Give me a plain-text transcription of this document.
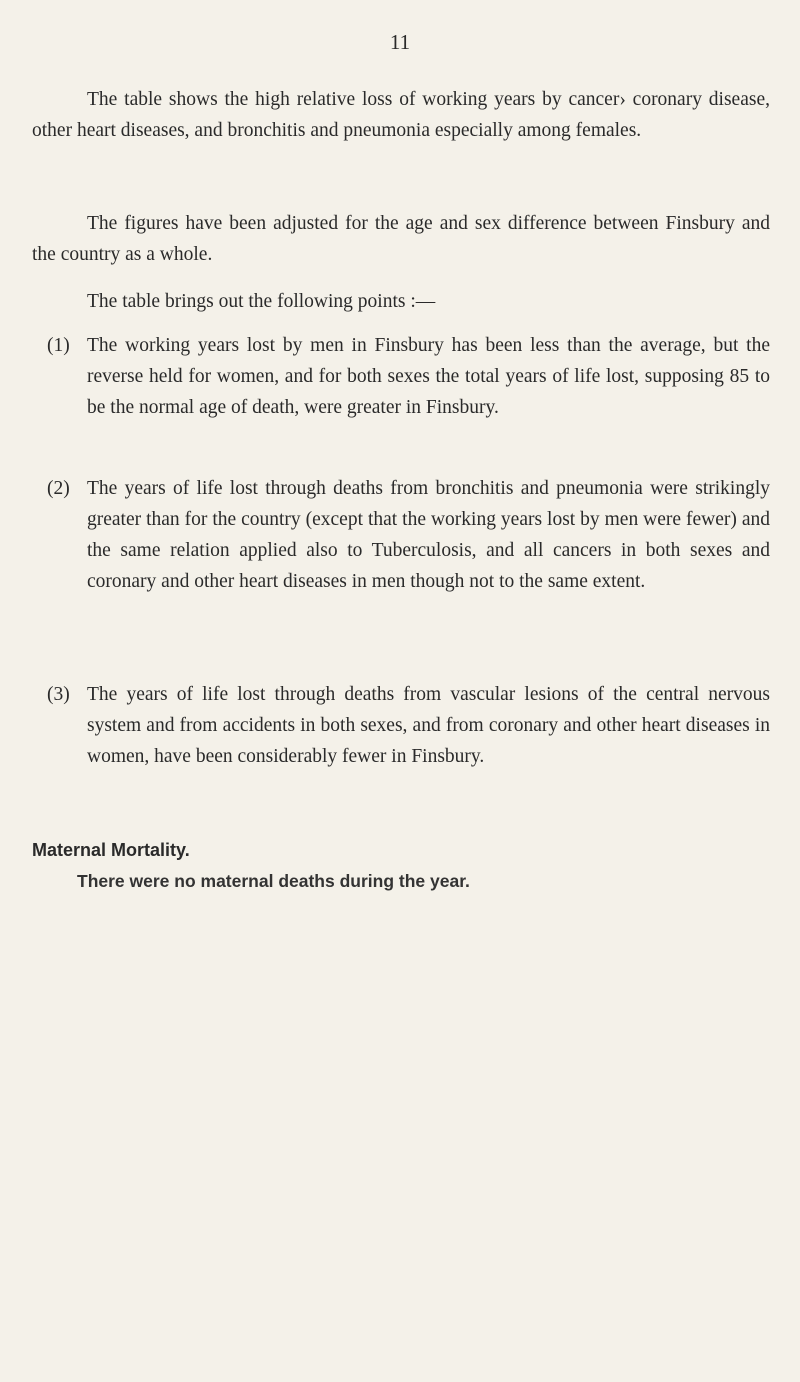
11

The table shows the high relative loss of working years by cancer› coronary disease, other heart diseases, and bronchitis and pneumonia especially among females.

The figures have been adjusted for the age and sex difference between Finsbury and the country as a whole.

The table brings out the following points :—

(1) The working years lost by men in Finsbury has been less than the average, but the reverse held for women, and for both sexes the total years of life lost, supposing 85 to be the normal age of death, were greater in Finsbury.
(2) The years of life lost through deaths from bronchitis and pneumonia were strikingly greater than for the country (except that the working years lost by men were fewer) and the same relation applied also to Tuberculosis, and all cancers in both sexes and coronary and other heart diseases in men though not to the same extent.
(3) The years of life lost through deaths from vascular lesions of the central nervous system and from accidents in both sexes, and from coronary and other heart diseases in women, have been considerably fewer in Finsbury.
Maternal Mortality.

There were no maternal deaths during the year.
